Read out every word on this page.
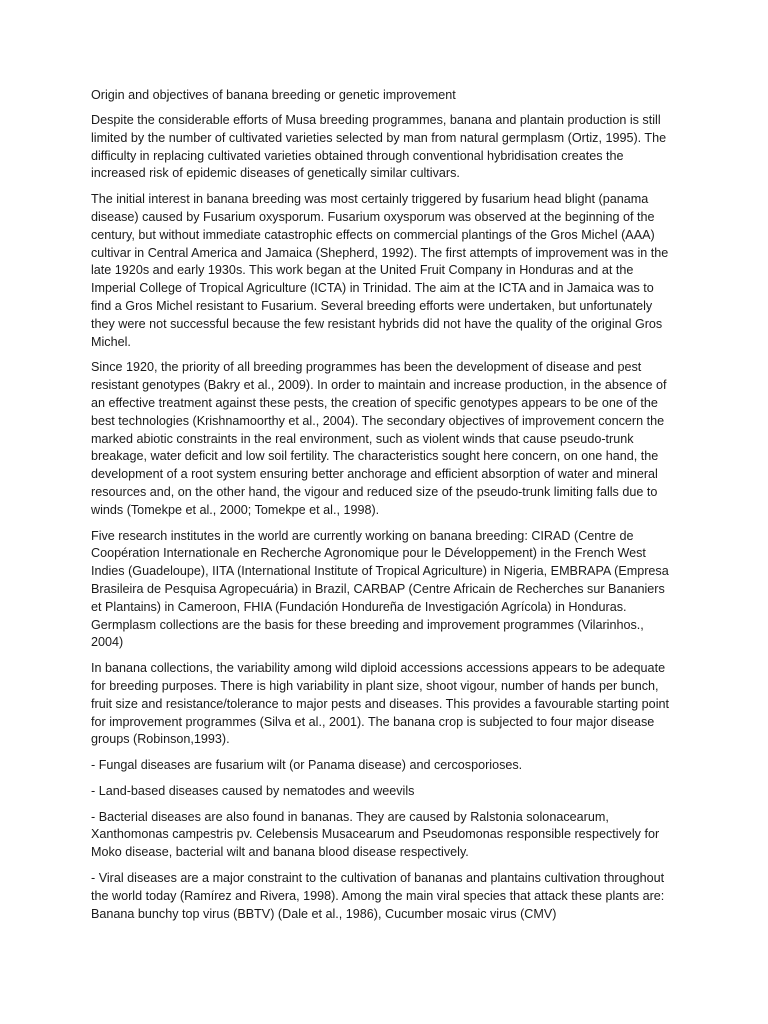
Origin and objectives of banana breeding or genetic improvement

Despite the considerable efforts of Musa breeding programmes, banana and plantain production is still limited by the number of cultivated varieties selected by man from natural germplasm (Ortiz, 1995). The difficulty in replacing cultivated varieties obtained through conventional hybridisation creates the increased risk of epidemic diseases of genetically similar cultivars.

The initial interest in banana breeding was most certainly triggered by fusarium head blight (panama disease) caused by Fusarium oxysporum. Fusarium oxysporum was observed at the beginning of the century, but without immediate catastrophic effects on commercial plantings of the Gros Michel (AAA) cultivar in Central America and Jamaica (Shepherd, 1992). The first attempts of improvement was in the late 1920s and early 1930s. This work began at the United Fruit Company in Honduras and at the Imperial College of Tropical Agriculture (ICTA) in Trinidad. The aim at the ICTA and in Jamaica was to find a Gros Michel resistant to Fusarium. Several breeding efforts were undertaken, but unfortunately they were not successful because the few resistant hybrids did not have the quality of the original Gros Michel.

Since 1920, the priority of all breeding programmes has been the development of disease and pest resistant genotypes (Bakry et al., 2009). In order to maintain and increase production, in the absence of an effective treatment against these pests, the creation of specific genotypes appears to be one of the best technologies (Krishnamoorthy et al., 2004). The secondary objectives of improvement concern the marked abiotic constraints in the real environment, such as violent winds that cause pseudo-trunk breakage, water deficit and low soil fertility. The characteristics sought here concern, on one hand, the development of a root system ensuring better anchorage and efficient absorption of water and mineral resources and, on the other hand, the vigour and reduced size of the pseudo-trunk limiting falls due to winds (Tomekpe et al., 2000; Tomekpe et al., 1998).

Five research institutes in the world are currently working on banana breeding: CIRAD (Centre de Coopération Internationale en Recherche Agronomique pour le Développement) in the French West Indies (Guadeloupe), IITA (International Institute of Tropical Agriculture) in Nigeria, EMBRAPA (Empresa Brasileira de Pesquisa Agropecuária) in Brazil, CARBAP (Centre Africain de Recherches sur Bananiers et Plantains) in Cameroon, FHIA (Fundación Hondureña de Investigación Agrícola) in Honduras. Germplasm collections are the basis for these breeding and improvement programmes (Vilarinhos., 2004)

In banana collections, the variability among wild diploid accessions accessions appears to be adequate for breeding purposes. There is high variability in plant size, shoot vigour, number of hands per bunch, fruit size and resistance/tolerance to major pests and diseases. This provides a favourable starting point for improvement programmes (Silva et al., 2001). The banana crop is subjected to four major disease groups (Robinson,1993).

- Fungal diseases are fusarium wilt (or Panama disease) and cercosporioses.

- Land-based diseases caused by nematodes and weevils

- Bacterial diseases are also found in bananas. They are caused by Ralstonia solonacearum, Xanthomonas campestris pv. Celebensis Musacearum and Pseudomonas responsible respectively for Moko disease, bacterial wilt and banana blood disease respectively.

- Viral diseases are a major constraint to the cultivation of bananas and plantains cultivation throughout the world today (Ramírez and Rivera, 1998). Among the main viral species that attack these plants are: Banana bunchy top virus (BBTV) (Dale et al., 1986), Cucumber mosaic virus (CMV)
